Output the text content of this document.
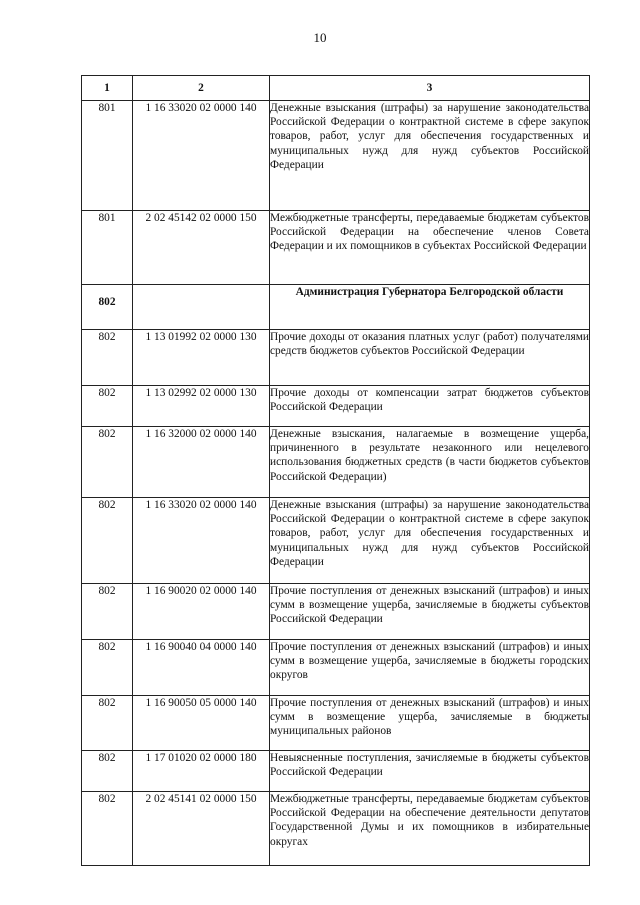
10
1	2	3
801	1 16 33020 02 0000 140	Денежные взыскания (штрафы) за нарушение законодательства Российской Федерации о контрактной системе в сфере закупок товаров, работ, услуг для обеспечения государственных и муниципальных нужд для нужд субъектов Российской Федерации
801	2 02 45142 02 0000 150	Межбюджетные трансферты, передаваемые бюджетам субъектов Российской Федерации на обеспечение членов Совета Федерации и их помощников в субъектах Российской Федерации
802		Администрация Губернатора Белгородской области
802	1 13 01992 02 0000 130	Прочие доходы от оказания платных услуг (работ) получателями средств бюджетов субъектов Российской Федерации
802	1 13 02992 02 0000 130	Прочие доходы от компенсации затрат бюджетов субъектов Российской Федерации
802	1 16 32000 02 0000 140	Денежные взыскания, налагаемые в возмещение ущерба, причиненного в результате незаконного или нецелевого использования бюджетных средств (в части бюджетов субъектов Российской Федерации)
802	1 16 33020 02 0000 140	Денежные взыскания (штрафы) за нарушение законодательства Российской Федерации о контрактной системе в сфере закупок товаров, работ, услуг для обеспечения государственных и муниципальных нужд для нужд субъектов Российской Федерации
802	1 16 90020 02 0000 140	Прочие поступления от денежных взысканий (штрафов) и иных сумм в возмещение ущерба, зачисляемые в бюджеты субъектов Российской Федерации
802	1 16 90040 04 0000 140	Прочие поступления от денежных взысканий (штрафов) и иных сумм в возмещение ущерба, зачисляемые в бюджеты городских округов
802	1 16 90050 05 0000 140	Прочие поступления от денежных взысканий (штрафов) и иных сумм в возмещение ущерба, зачисляемые в бюджеты муниципальных районов
802	1 17 01020 02 0000 180	Невыясненные поступления, зачисляемые в бюджеты субъектов Российской Федерации
802	2 02 45141 02 0000 150	Межбюджетные трансферты, передаваемые бюджетам субъектов Российской Федерации на обеспечение деятельности депутатов Государственной Думы и их помощников в избирательные округах
